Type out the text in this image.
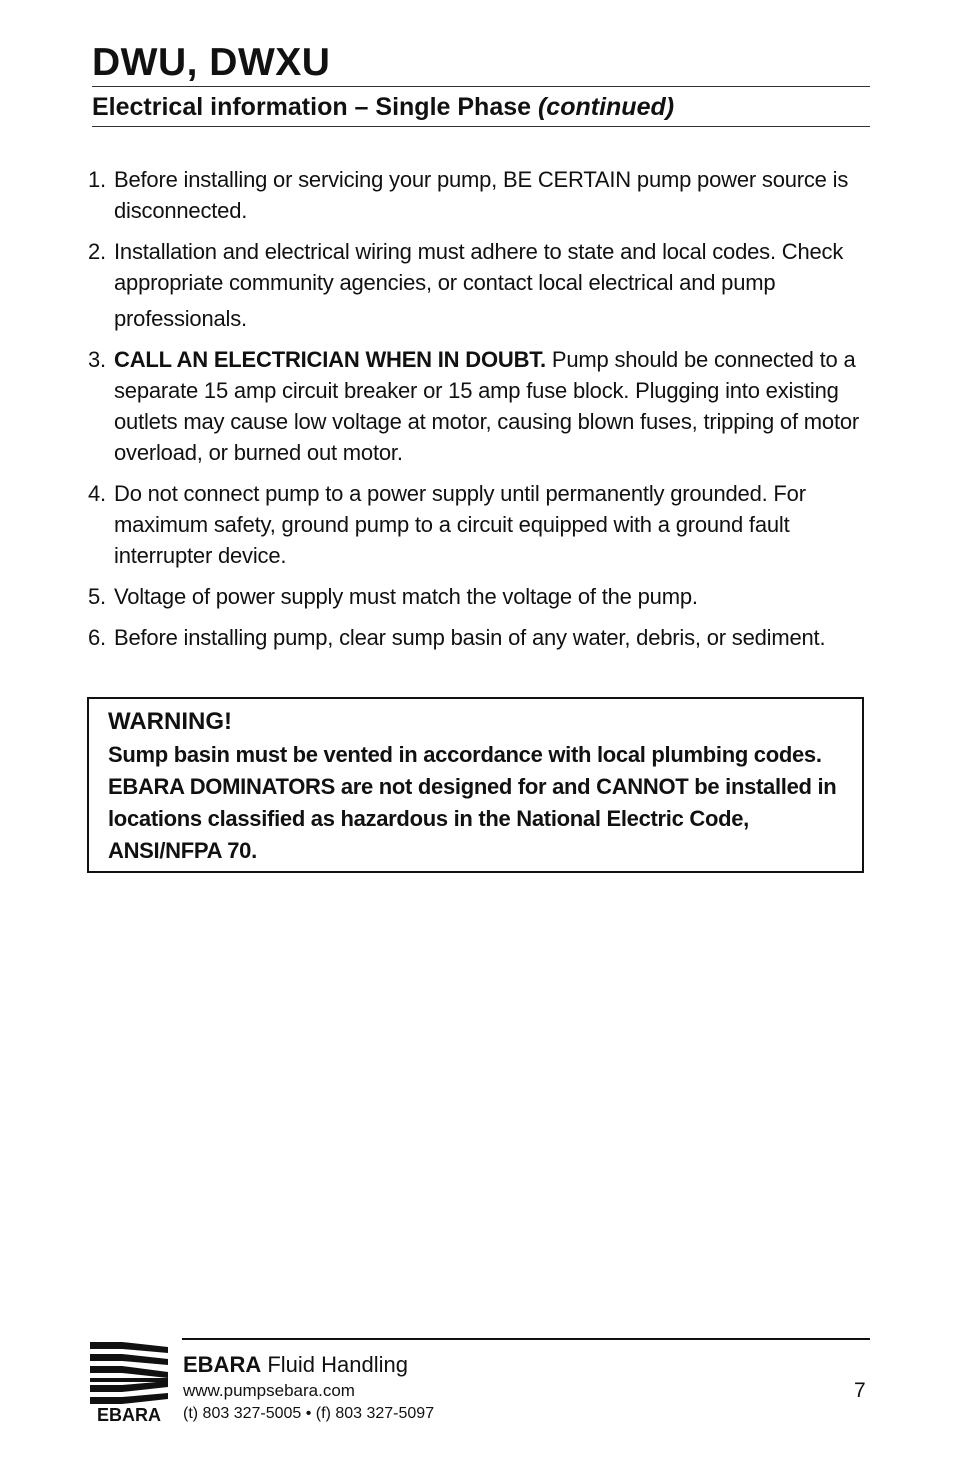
DWU, DWXU
Electrical information – Single Phase (continued)
1. Before installing or servicing your pump, BE CERTAIN pump power source is disconnected.
2. Installation and electrical wiring must adhere to state and local codes. Check appropriate community agencies, or contact local electrical and pump
professionals.
3. CALL AN ELECTRICIAN WHEN IN DOUBT. Pump should be connected to a separate 15 amp circuit breaker or 15 amp fuse block. Plugging into existing outlets may cause low voltage at motor, causing blown fuses, tripping of motor overload, or burned out motor.
4. Do not connect pump to a power supply until permanently grounded. For maximum safety, ground pump to a circuit equipped with a ground fault interrupter device.
5. Voltage of power supply must match the voltage of the pump.
6. Before installing pump, clear sump basin of any water, debris, or sediment.
WARNING!
Sump basin must be vented in accordance with local plumbing codes.
EBARA DOMINATORS are not designed for and CANNOT be installed in
locations classified as hazardous in the National Electric Code,
ANSI/NFPA 70.
EBARA
EBARA Fluid Handling
www.pumpsebara.com
(t) 803 327-5005 • (f) 803 327-5097
7
